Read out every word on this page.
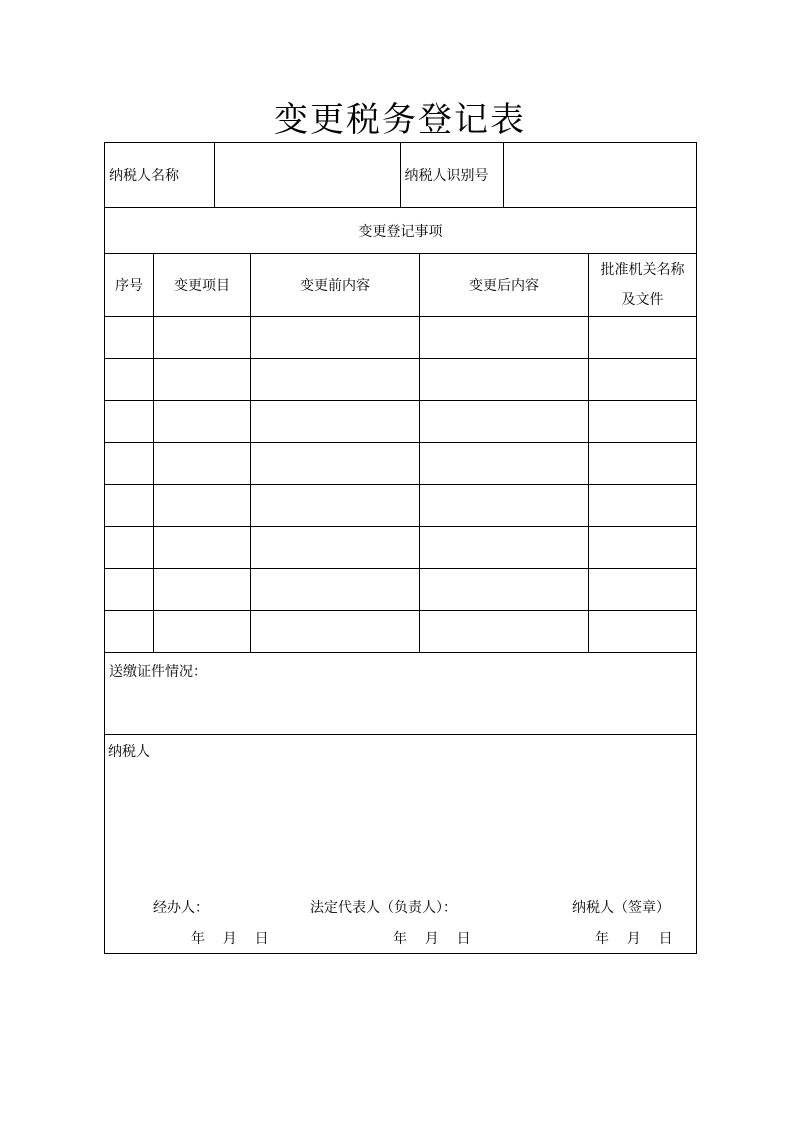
变更税务登记表
纳税人名称		纳税人识别号	

变更登记事项
序号	变更项目	变更前内容	变更后内容	批准机关名称
及文件

送缴证件情况：

纳税人
经办人：	法定代表人（负责人）：	纳税人（签章）
年    月    日	年    月    日	年    月    日
